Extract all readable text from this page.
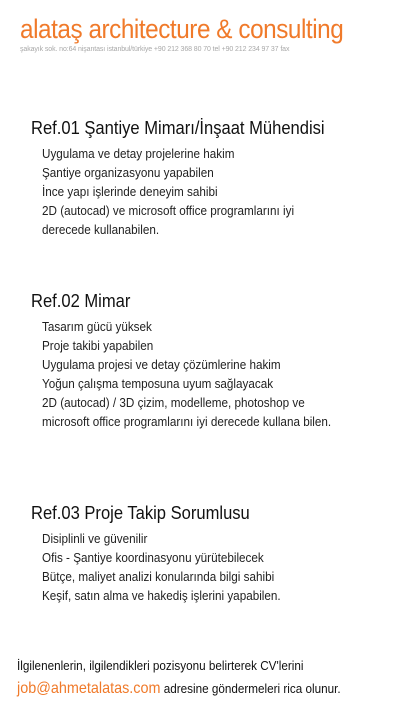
alataş architecture & consulting
şakayık sok. no:64 nişantası istanbul/türkiye +90 212 368 80 70 tel +90 212 234 97 37 fax
Ref.01 Şantiye Mimarı/İnşaat Mühendisi
Uygulama ve detay projelerine hakim
Şantiye organizasyonu yapabilen
İnce yapı işlerinde deneyim sahibi
2D (autocad) ve microsoft office programlarını iyi derecede kullanabilen.
Ref.02 Mimar
Tasarım gücü yüksek
Proje takibi yapabilen
Uygulama projesi ve detay çözümlerine hakim
Yoğun çalışma temposuna uyum sağlayacak
2D (autocad) / 3D çizim, modelleme, photoshop ve microsoft office programlarını iyi derecede kullana bilen.
Ref.03 Proje Takip Sorumlusu
Disiplinli ve güvenilir
Ofis - Şantiye koordinasyonu yürütebilecek
Bütçe, maliyet analizi konularında bilgi sahibi
Keşif, satın alma ve hakediş işlerini yapabilen.
İlgilenenlerin, ilgilendikleri pozisyonu belirterek CV'lerini
job@ahmetalatas.com adresine göndermeleri rica olunur.
